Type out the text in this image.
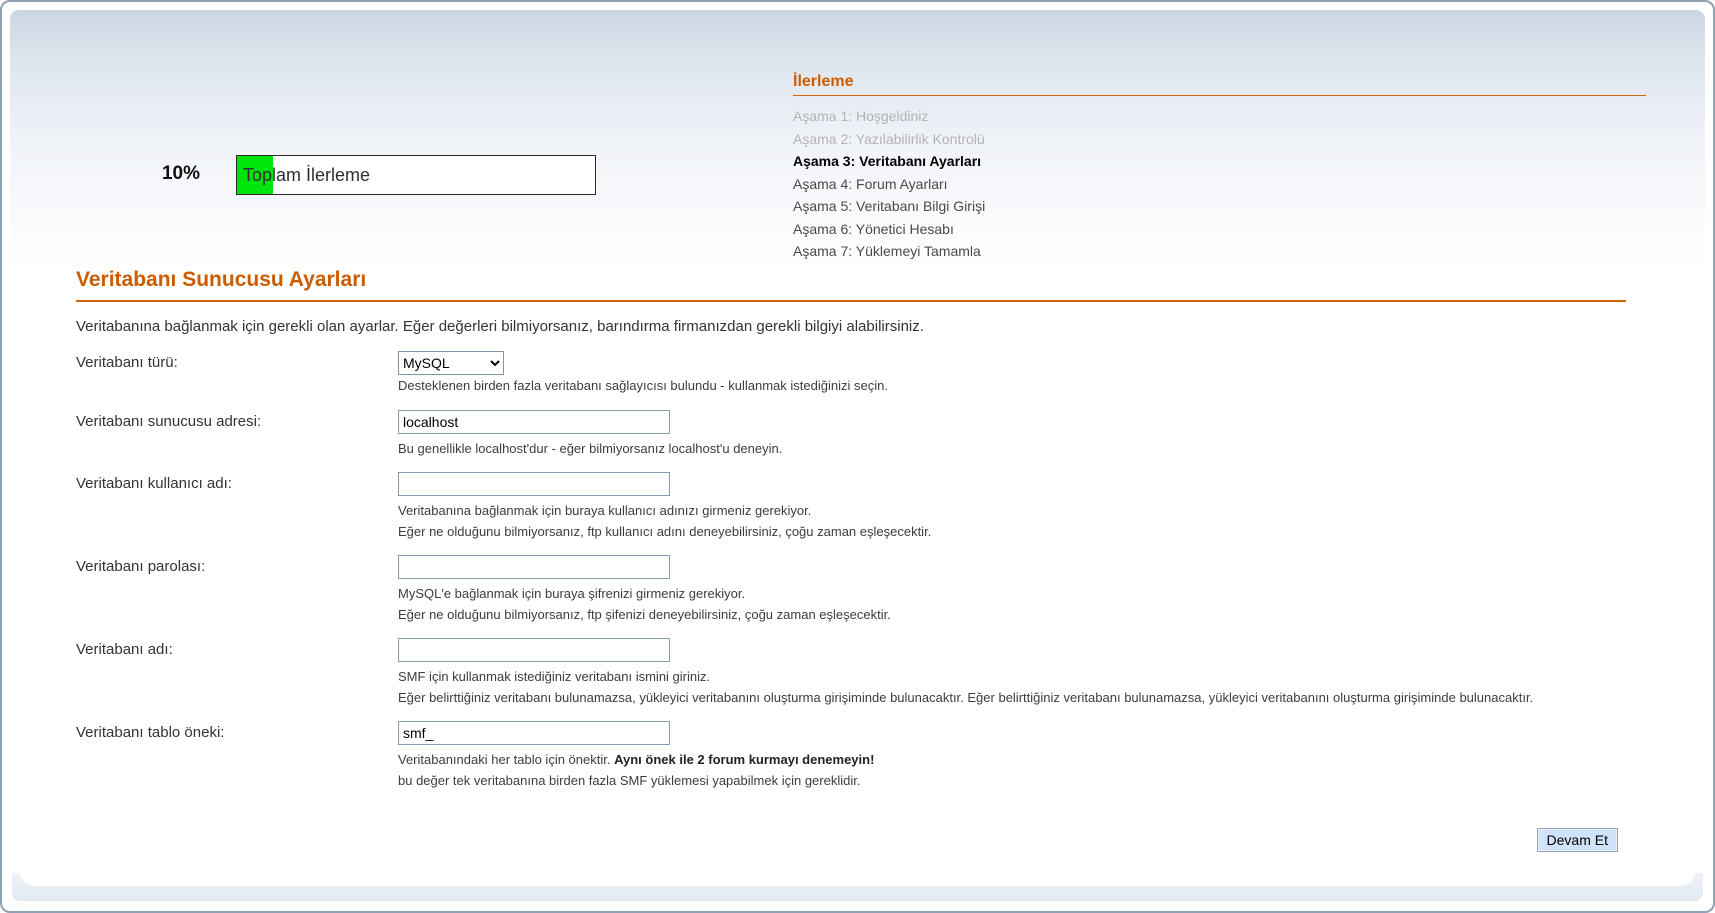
10% Toplam İlerleme
İlerleme
Aşama 1: Hoşgeldiniz
Aşama 2: Yazılabilirlik Kontrolü
Aşama 3: Veritabanı Ayarları
Aşama 4: Forum Ayarları
Aşama 5: Veritabanı Bilgi Girişi
Aşama 6: Yönetici Hesabı
Aşama 7: Yüklemeyi Tamamla
Veritabanı Sunucusu Ayarları
Veritabanına bağlanmak için gerekli olan ayarlar. Eğer değerleri bilmiyorsanız, barındırma firmanızdan gerekli bilgiyi alabilirsiniz.
Veritabanı türü:
MySQL
Desteklenen birden fazla veritabanı sağlayıcısı bulundu - kullanmak istediğinizi seçin.
Veritabanı sunucusu adresi:
localhost
Bu genellikle localhost'dur - eğer bilmiyorsanız localhost'u deneyin.
Veritabanı kullanıcı adı:
Veritabanına bağlanmak için buraya kullanıcı adınızı girmeniz gerekiyor.
Eğer ne olduğunu bilmiyorsanız, ftp kullanıcı adını deneyebilirsiniz, çoğu zaman eşleşecektir.
Veritabanı parolası:
MySQL'e bağlanmak için buraya şifrenizi girmeniz gerekiyor.
Eğer ne olduğunu bilmiyorsanız, ftp şifenizi deneyebilirsiniz, çoğu zaman eşleşecektir.
Veritabanı adı:
SMF için kullanmak istediğiniz veritabanı ismini giriniz.
Eğer belirttiğiniz veritabanı bulunamazsa, yükleyici veritabanını oluşturma girişiminde bulunacaktır. Eğer belirttiğiniz veritabanı bulunamazsa, yükleyici veritabanını oluşturma girişiminde bulunacaktır.
Veritabanı tablo öneki:
smf_
Veritabanındaki her tablo için önektir. Aynı önek ile 2 forum kurmayı denemeyin!
bu değer tek veritabanına birden fazla SMF yüklemesi yapabilmek için gereklidir.
Devam Et
